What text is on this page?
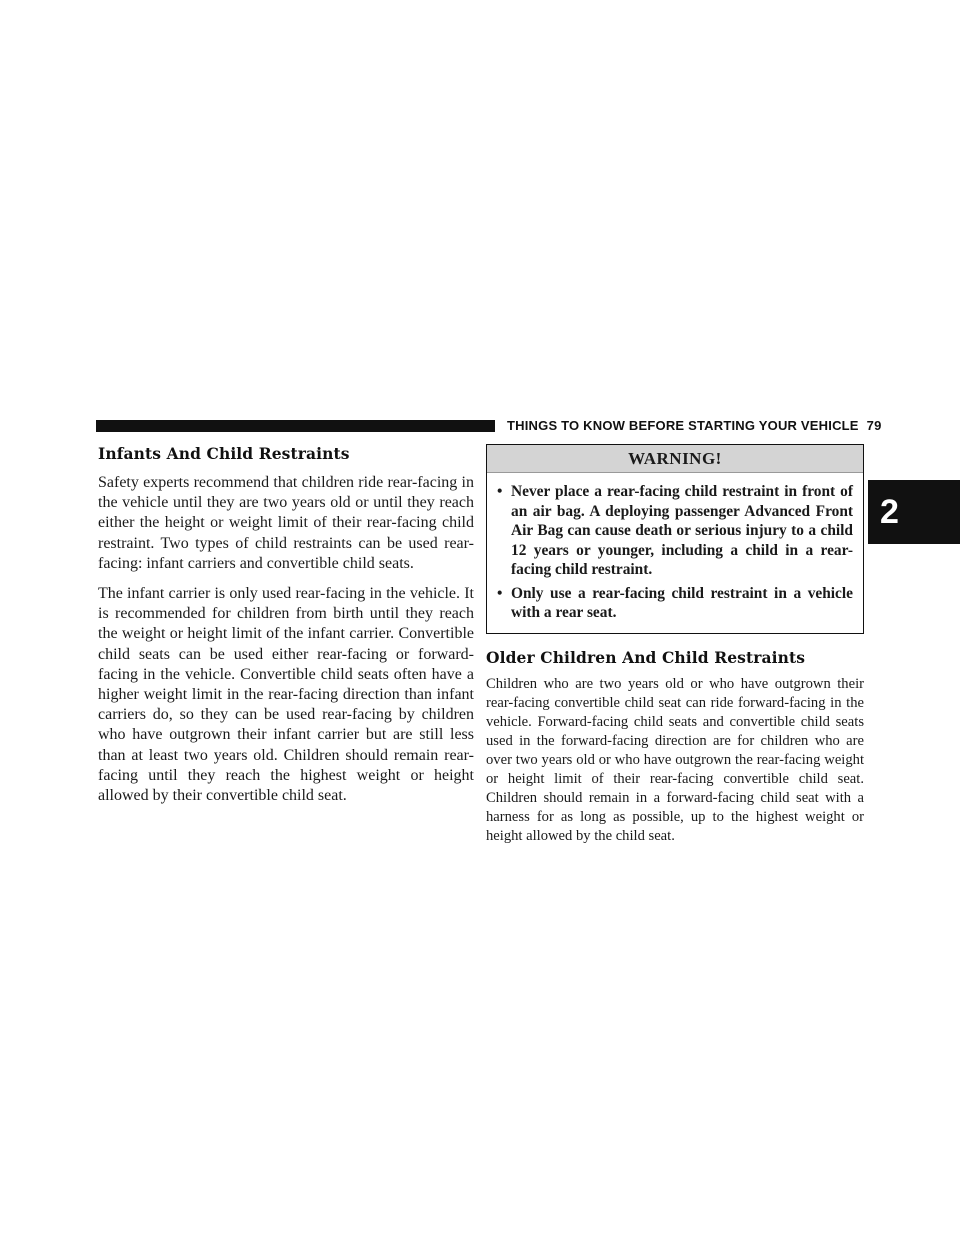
THINGS TO KNOW BEFORE STARTING YOUR VEHICLE 79
2
Infants And Child Restraints

Safety experts recommend that children ride rear-facing in the vehicle until they are two years old or until they reach either the height or weight limit of their rear-facing child restraint. Two types of child restraints can be used rear-facing: infant carriers and convertible child seats.

The infant carrier is only used rear-facing in the vehicle. It is recommended for children from birth until they reach the weight or height limit of the infant carrier. Convertible child seats can be used either rear-facing or forward-facing in the vehicle. Convertible child seats often have a higher weight limit in the rear-facing direction than infant carriers do, so they can be used rear-facing by children who have outgrown their infant carrier but are still less than at least two years old. Children should remain rear-facing until they reach the highest weight or height allowed by their convertible child seat.

WARNING!
• Never place a rear-facing child restraint in front of an air bag. A deploying passenger Advanced Front Air Bag can cause death or serious injury to a child 12 years or younger, including a child in a rear-facing child restraint.
• Only use a rear-facing child restraint in a vehicle with a rear seat.
Older Children And Child Restraints

Children who are two years old or who have outgrown their rear-facing convertible child seat can ride forward-facing in the vehicle. Forward-facing child seats and convertible child seats used in the forward-facing direction are for children who are over two years old or who have outgrown the rear-facing weight or height limit of their rear-facing convertible child seat. Children should remain in a forward-facing child seat with a harness for as long as possible, up to the highest weight or height allowed by the child seat.
